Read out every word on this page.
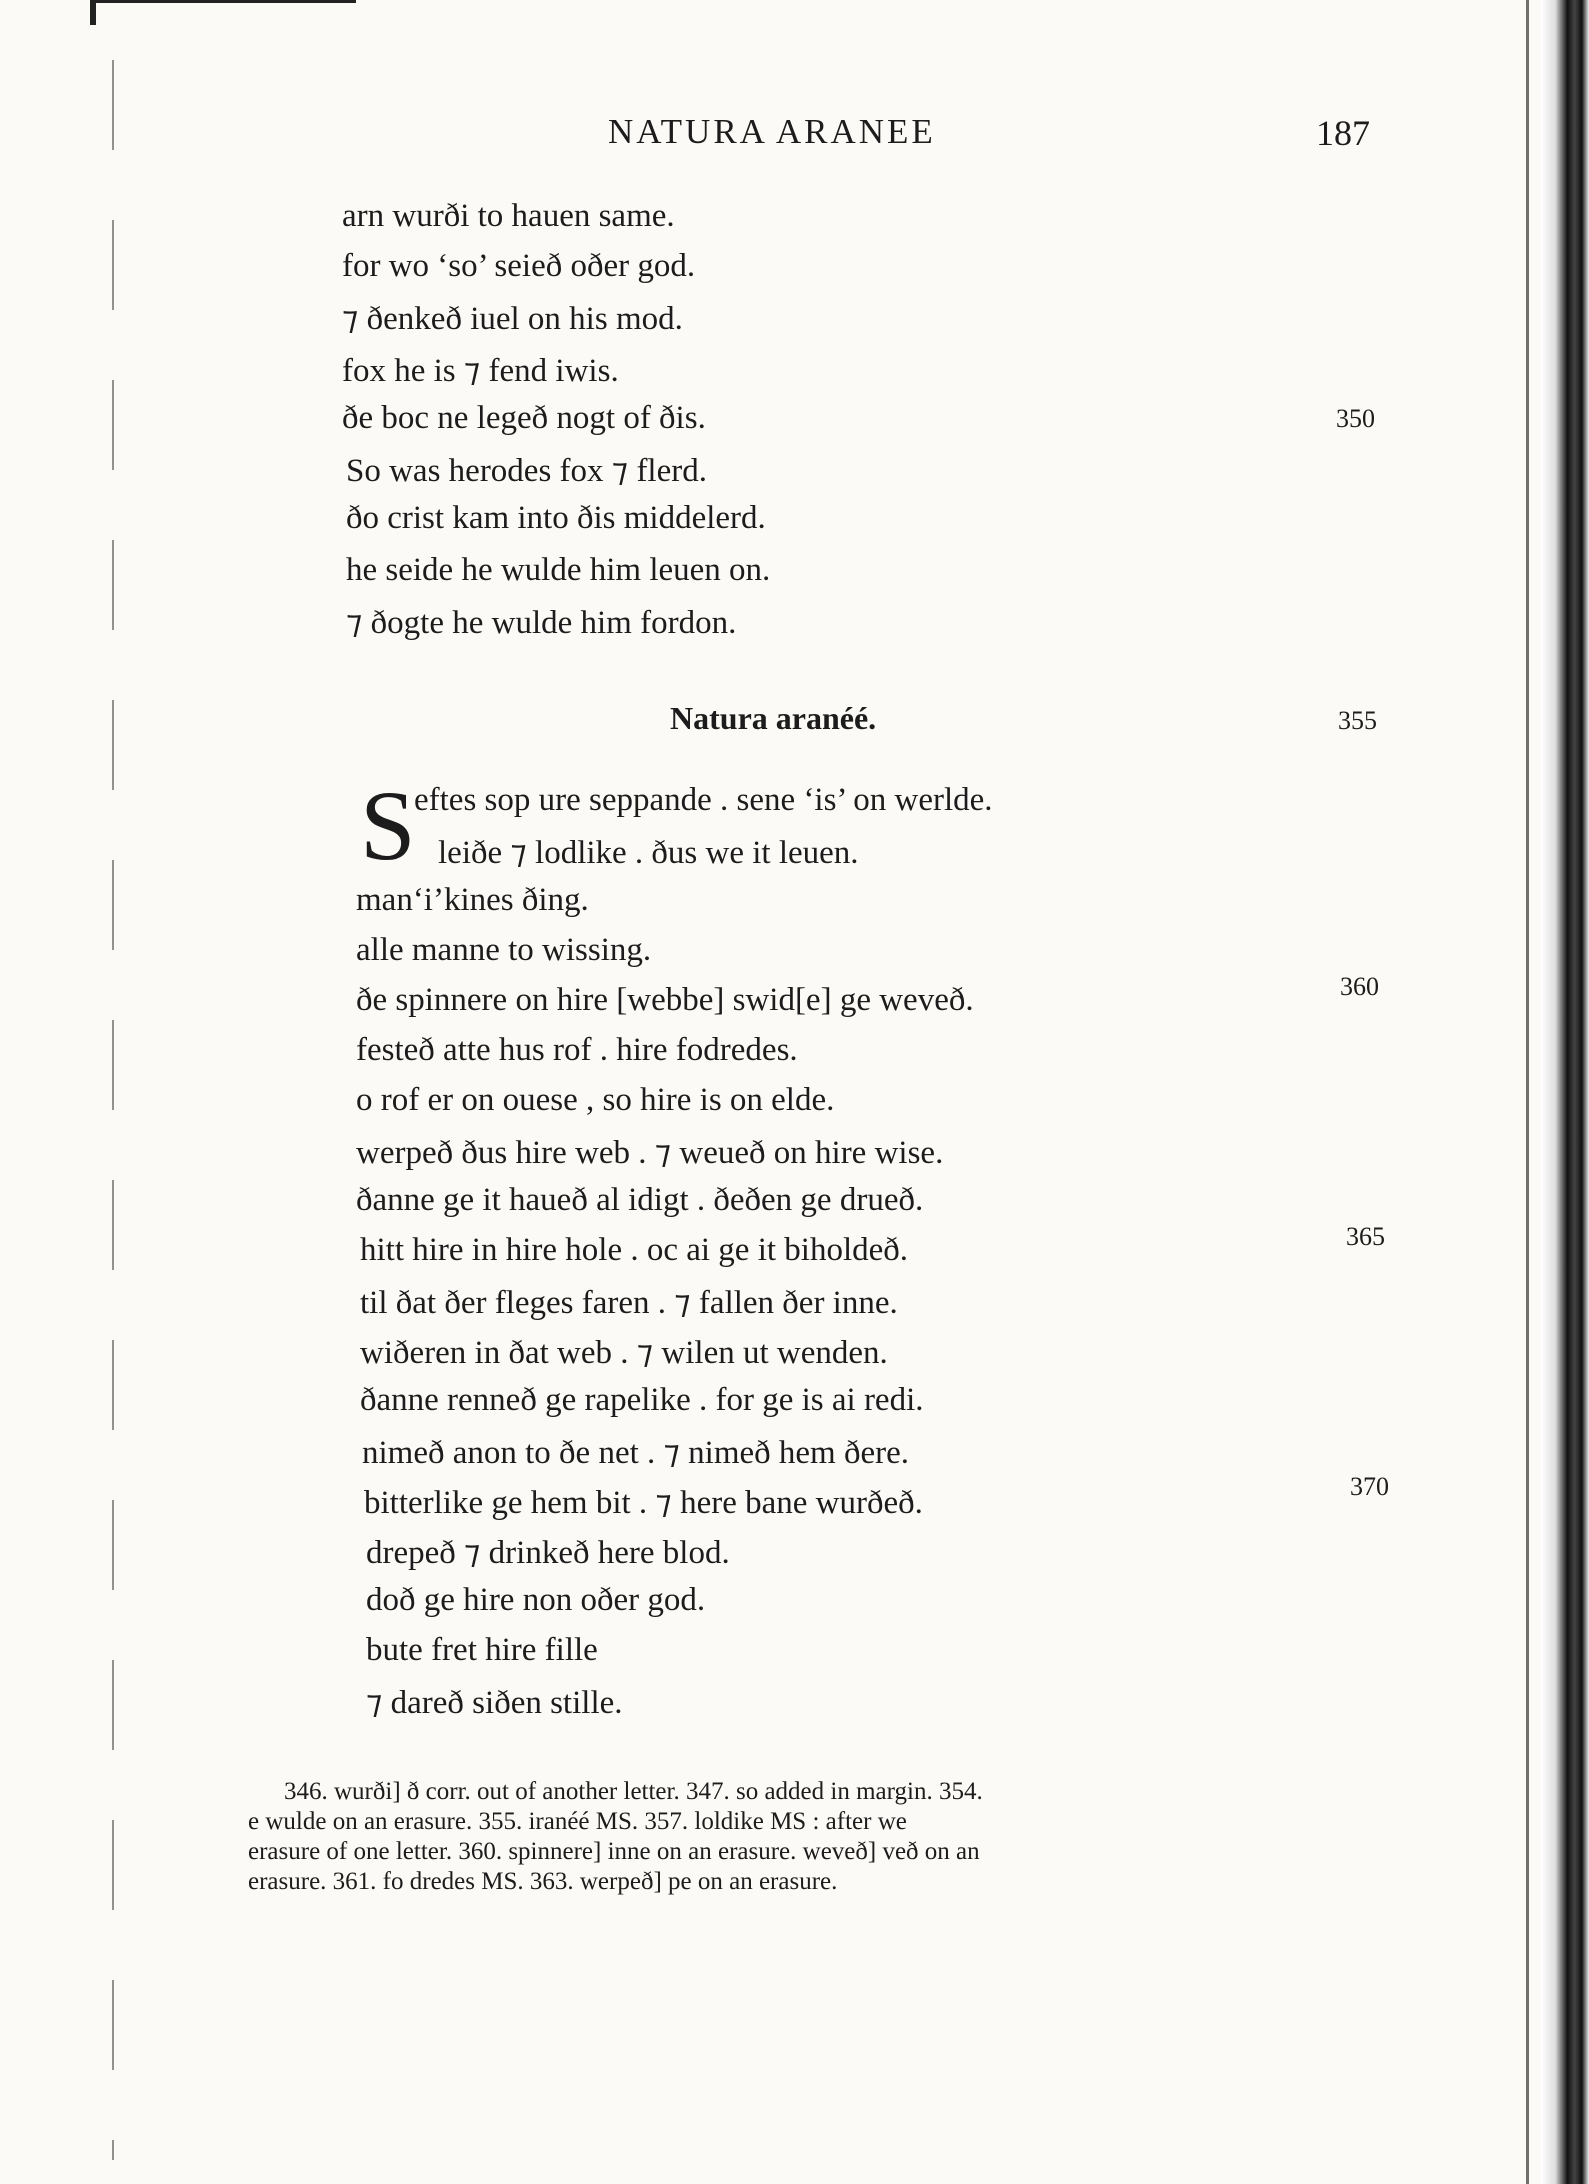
NATURA ARANEE	187
arn wurði to hauen same.
for wo ‘so’ seieð oðer god.
⁊ ðenkeð iuel on his mod.
fox he is ⁊ fend iwis.
ðe boc ne legeð nogt of ðis.
So was herodes fox ⁊ flerd.
ðo crist kam into ðis middelerd.
he seide he wulde him leuen on.
⁊ ðogte he wulde him fordon.
350
Natura aranéé.	355
S
eftes sop ure seppande . sene ‘is’ on werlde.
leiðe ⁊ lodlike . ðus we it leuen.
man‘i’kines ðing.
alle manne to wissing.
ðe spinnere on hire [webbe] swid[e] ge weveð.
festeð atte hus rof . hire fodredes.
o rof er on ouese , so hire is on elde.
werpeð ðus hire web . ⁊ weueð on hire wise.
ðanne ge it haueð al idigt . ðeðen ge drueð.
hitt hire in hire hole . oc ai ge it biholdeð.
til ðat ðer fleges faren . ⁊ fallen ðer inne.
wiðeren in ðat web . ⁊ wilen ut wenden.
ðanne renneð ge rapelike . for ge is ai redi.
nimeð anon to ðe net . ⁊ nimeð hem ðere.
bitterlike ge hem bit . ⁊ here bane wurðeð.
drepeð ⁊ drinkeð here blod.
doð ge hire non oðer god.
bute fret hire fille
⁊ dareð siðen stille.
360
365
370
346. wurði] ð corr. out of another letter. 347. so added in margin. 354.
e wulde on an erasure. 355. iranéé MS. 357. loldike MS : after we
erasure of one letter. 360. spinnere] inne on an erasure. weveð] veð on an
erasure. 361. fo dredes MS. 363. werpeð] pe on an erasure.
